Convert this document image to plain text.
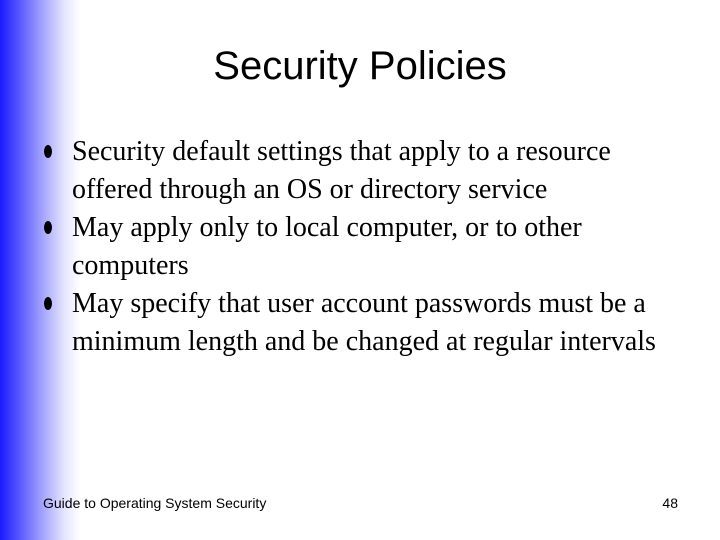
Security Policies
Security default settings that apply to a resource offered through an OS or directory service
May apply only to local computer, or to other computers
May specify that user account passwords must be a minimum length and be changed at regular intervals
Guide to Operating System Security	48
